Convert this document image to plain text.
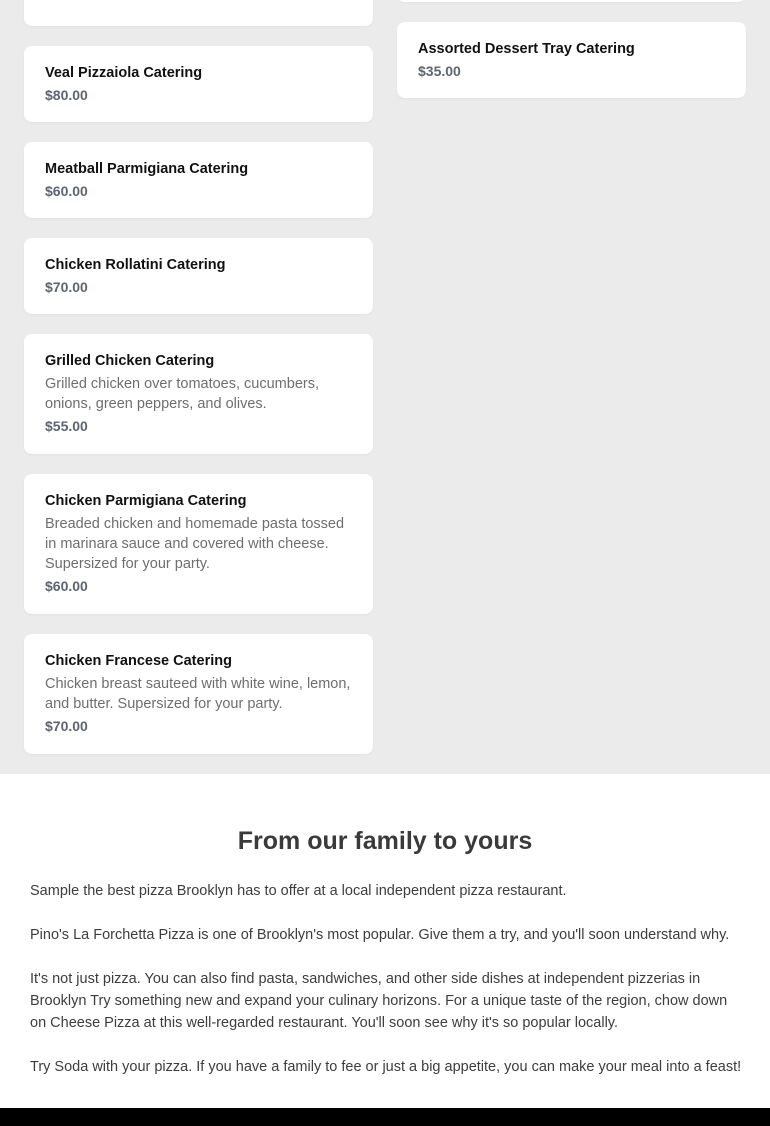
Veal Pizzaiola Catering
$80.00
Meatball Parmigiana Catering
$60.00
Chicken Rollatini Catering
$70.00
Grilled Chicken Catering
Grilled chicken over tomatoes, cucumbers, onions, green peppers, and olives.
$55.00
Chicken Parmigiana Catering
Breaded chicken and homemade pasta tossed in marinara sauce and covered with cheese. Supersized for your party.
$60.00
Chicken Francese Catering
Chicken breast sauteed with white wine, lemon, and butter. Supersized for your party.
$70.00
Assorted Dessert Tray Catering
$35.00
From our family to yours

Sample the best pizza Brooklyn has to offer at a local independent pizza restaurant.

Pino's La Forchetta Pizza is one of Brooklyn's most popular. Give them a try, and you'll soon understand why.

It's not just pizza. You can also find pasta, sandwiches, and other side dishes at independent pizzerias in Brooklyn Try something new and expand your culinary horizons. For a unique taste of the region, chow down on Cheese Pizza at this well-regarded restaurant. You'll soon see why it's so popular locally.

Try Soda with your pizza. If you have a family to fee or just a big appetite, you can make your meal into a feast!
